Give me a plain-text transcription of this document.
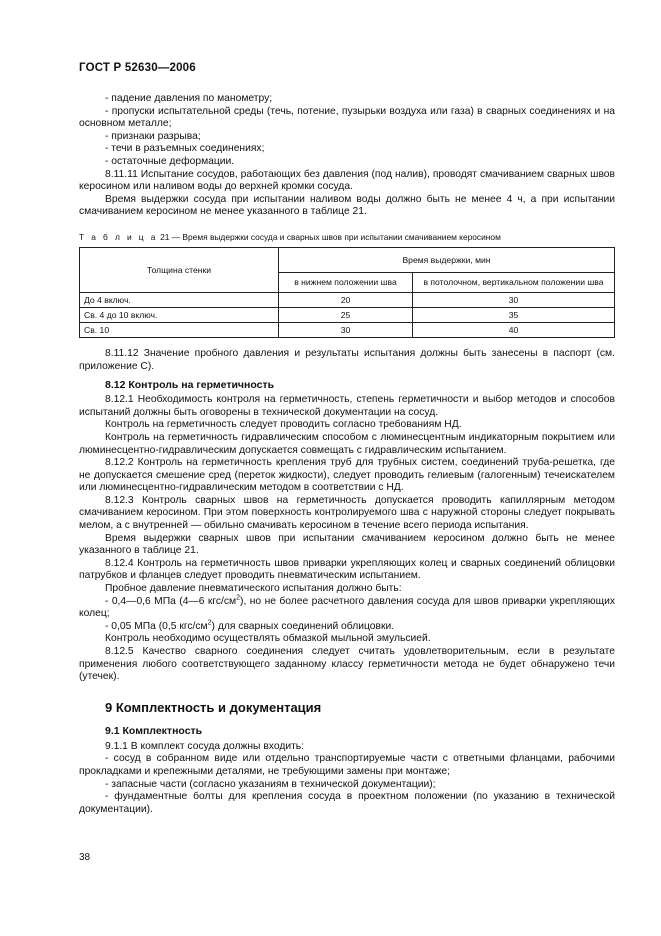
ГОСТ Р 52630—2006

- падение давления по манометру;

- пропуски испытательной среды (течь, потение, пузырьки воздуха или газа) в сварных соединениях и на основном металле;

- признаки разрыва;

- течи в разъемных соединениях;

- остаточные деформации.

8.11.11 Испытание сосудов, работающих без давления (под налив), проводят смачиванием сварных швов керосином или наливом воды до верхней кромки сосуда.

Время выдержки сосуда при испытании наливом воды должно быть не менее 4 ч, а при испытании смачиванием керосином не менее указанного в таблице 21.

Т а б л и ц а 21 — Время выдержки сосуда и сварных швов при испытании смачиванием керосином

Толщина стенки	Время выдержки, мин	
	в нижнем положении шва	в потолочном, вертикальном положении шва
До 4 включ.	20	30
Св. 4 до 10 включ.	25	35
Св. 10	30	40

8.11.12 Значение пробного давления и результаты испытания должны быть занесены в паспорт (см. приложение С).

8.12 Контроль на герметичность

8.12.1 Необходимость контроля на герметичность, степень герметичности и выбор методов и способов испытаний должны быть оговорены в технической документации на сосуд.

Контроль на герметичность следует проводить согласно требованиям НД.

Контроль на герметичность гидравлическим способом с люминесцентным индикаторным покрытием или люминесцентно-гидравлическим допускается совмещать с гидравлическим испытанием.

8.12.2 Контроль на герметичность крепления труб для трубных систем, соединений труба-решетка, где не допускается смешение сред (переток жидкости), следует проводить гелиевым (галогенным) течеискателем или люминесцентно-гидравлическим методом в соответствии с НД.

8.12.3 Контроль сварных швов на герметичность допускается проводить капиллярным методом смачиванием керосином. При этом поверхность контролируемого шва с наружной стороны следует покрывать мелом, а с внутренней — обильно смачивать керосином в течение всего периода испытания.

Время выдержки сварных швов при испытании смачиванием керосином должно быть не менее указанного в таблице 21.

8.12.4 Контроль на герметичность швов приварки укрепляющих колец и сварных соединений облицовки патрубков и фланцев следует проводить пневматическим испытанием.

Пробное давление пневматического испытания должно быть:

- 0,4—0,6 МПа (4—6 кгс/$см^2$), но не более расчетного давления сосуда для швов приварки укрепляющих колец;

- 0,05 МПа (0,5 кгс/$см^2$) для сварных соединений облицовки.

Контроль необходимо осуществлять обмазкой мыльной эмульсией.

8.12.5 Качество сварного соединения следует считать удовлетворительным, если в результате применения любого соответствующего заданному классу герметичности метода не будет обнаружено течи (утечек).

9 Комплектность и документация

9.1 Комплектность

9.1.1 В комплект сосуда должны входить:

- сосуд в собранном виде или отдельно транспортируемые части с ответными фланцами, рабочими прокладками и крепежными деталями, не требующими замены при монтаже;

- запасные части (согласно указаниям в технической документации);

- фундаментные болты для крепления сосуда в проектном положении (по указанию в технической документации).

38
